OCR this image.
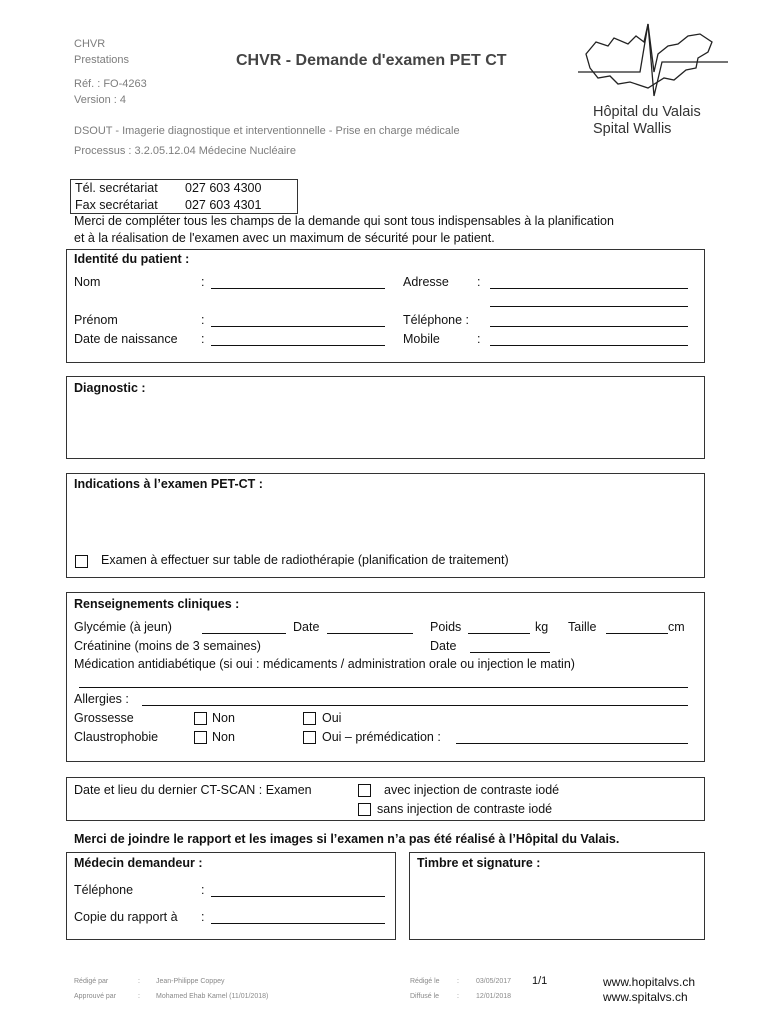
CHVR
Prestations	CHVR - Demande d'examen PET CT
Réf. : FO-4263
Version : 4
DSOUT - Imagerie diagnostique et interventionnelle - Prise en charge médicale
Processus : 3.2.05.12.04 Médecine Nucléaire
Hôpital du Valais
Spital Wallis
Tél. secrétariat 027 603 4300
Fax secrétariat 027 603 4301
Merci de compléter tous les champs de la demande qui sont tous indispensables à la planification
et à la réalisation de l'examen avec un maximum de sécurité pour le patient.
Identité du patient :
Nom	:	Adresse :
Prénom	:	Téléphone :
Date de naissance :	Mobile	:
Diagnostic :
Indications à l’examen PET-CT :
Examen à effectuer sur table de radiothérapie (planification de traitement)
Renseignements cliniques :
Glycémie (à jeun)	Date	Poids	kg Taille	cm
Créatinine (moins de 3 semaines)	Date
Médication antidiabétique (si oui : médicaments / administration orale ou injection le matin)
Allergies :
Grossesse	Non	Oui
Claustrophobie	Non	Oui – prémédication :
Date et lieu du dernier CT-SCAN : Examen	avec injection de contraste iodé
sans injection de contraste iodé
Merci de joindre le rapport et les images si l’examen n’a pas été réalisé à l’Hôpital du Valais.
Médecin demandeur :
Téléphone	:
Copie du rapport à :
Timbre et signature :
Rédigé par	: Jean-Philippe Coppey
Approuvé par	: Mohamed Ehab Kamel (11/01/2018)
Rédigé le : 03/05/2017
Diffusé le	: 12/01/2018
1/1	www.hopitalvs.ch
www.spitalvs.ch
